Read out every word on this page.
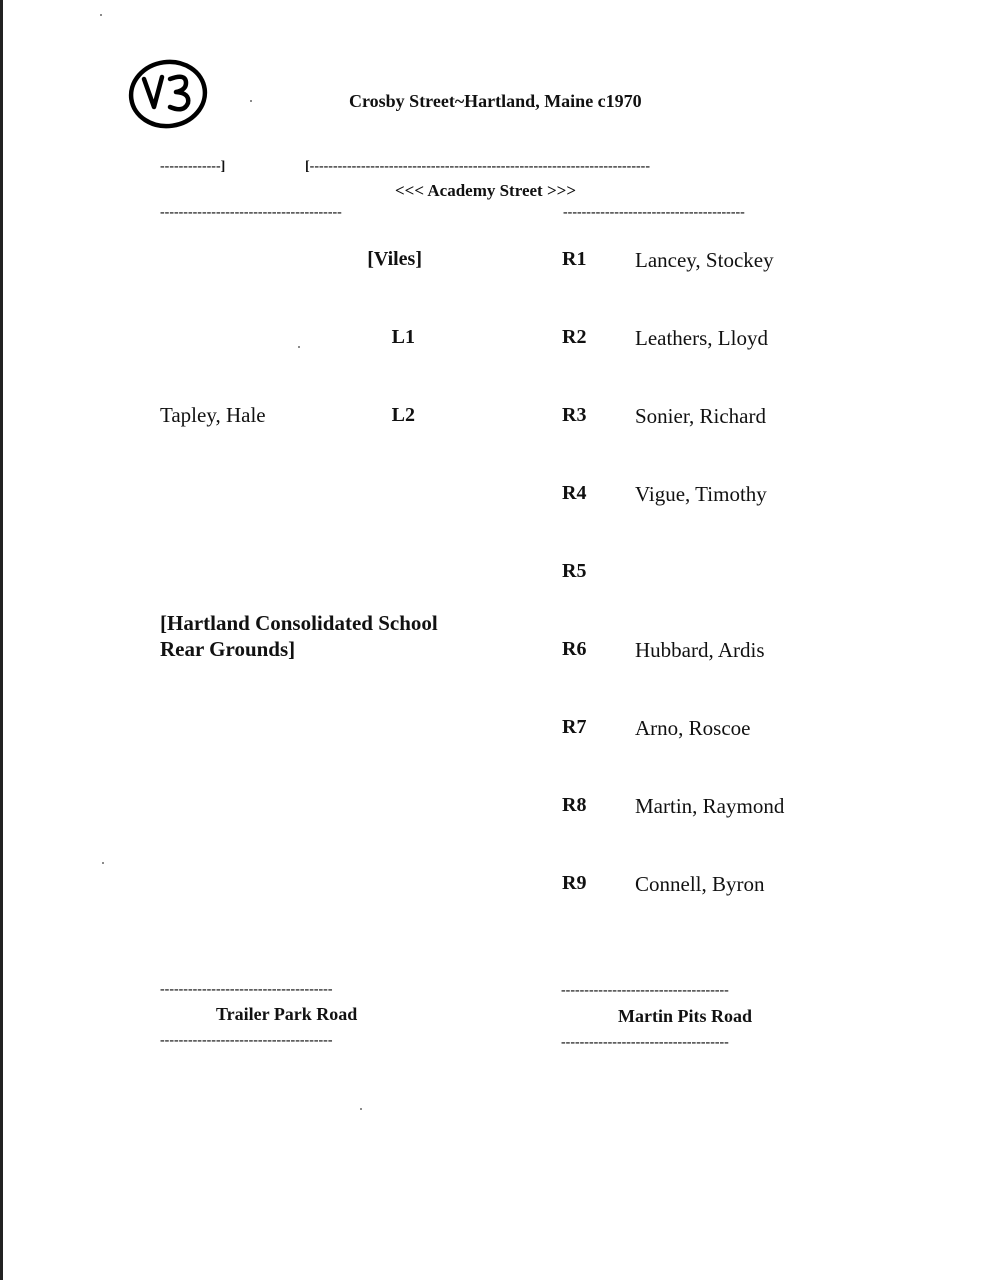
Crosby Street~Hartland, Maine c1970
-------------]	[-------------------------------------------------------------------------
<<< Academy Street >>>
---------------------------------------	---------------------------------------
[Viles]
L1
Tapley, Hale	L2
[Hartland Consolidated School Rear Grounds]
R1 Lancey, Stockey
R2 Leathers, Lloyd
R3 Sonier, Richard
R4 Vigue, Timothy
R5
R6 Hubbard, Ardis
R7 Arno, Roscoe
R8 Martin, Raymond
R9 Connell, Byron
-------------------------------------
Trailer Park Road
-------------------------------------
------------------------------------
Martin Pits Road
------------------------------------
